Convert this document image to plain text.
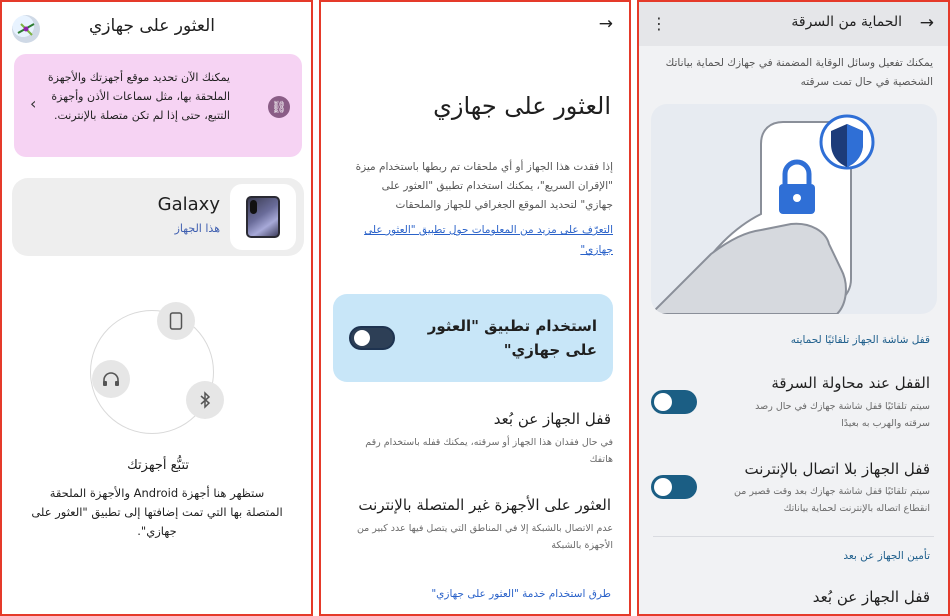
العثور على جهازي
يمكنك الآن تحديد موقع أجهزتك والأجهزة الملحقة بها، مثل سماعات الأذن وأجهزة التتبع، حتى إذا لم تكن متصلة بالإنترنت.
⛓
‹
Galaxy
هذا الجهاز
تتبُّع أجهزتك
ستظهر هنا أجهزة Android والأجهزة الملحقة المتصلة بها التي تمت إضافتها إلى تطبيق "العثور على جهازي".
→
العثور على جهازي
إذا فقدت هذا الجهاز أو أي ملحقات تم ربطها باستخدام ميزة "الإقران السريع"، يمكنك استخدام تطبيق "العثور على جهازي" لتحديد الموقع الجغرافي للجهاز والملحقات
التعرّف على مزيد من المعلومات حول تطبيق "العثور على جهازي"
استخدام تطبيق "العثور على جهازي"
قفل الجهاز عن بُعد
في حال فقدان هذا الجهاز أو سرقته، يمكنك قفله باستخدام رقم هاتفك
العثور على الأجهزة غير المتصلة بالإنترنت
عدم الاتصال بالشبكة إلا في المناطق التي يتصل فيها عدد كبير من الأجهزة بالشبكة
طرق استخدام خدمة "العثور على جهازي"
→
الحماية من السرقة
⋮
يمكنك تفعيل وسائل الوقاية المضمنة في جهازك لحماية بياناتك الشخصية في حال تمت سرقته
قفل شاشة الجهاز تلقائيًا لحمايته
القفل عند محاولة السرقة
سيتم تلقائيًا قفل شاشة جهازك في حال رصد سرقته والهرب به بعيدًا
قفل الجهاز بلا اتصال بالإنترنت
سيتم تلقائيًا قفل شاشة جهازك بعد وقت قصير من انقطاع اتصاله بالإنترنت لحماية بياناتك
تأمين الجهاز عن بعد
قفل الجهاز عن بُعد
